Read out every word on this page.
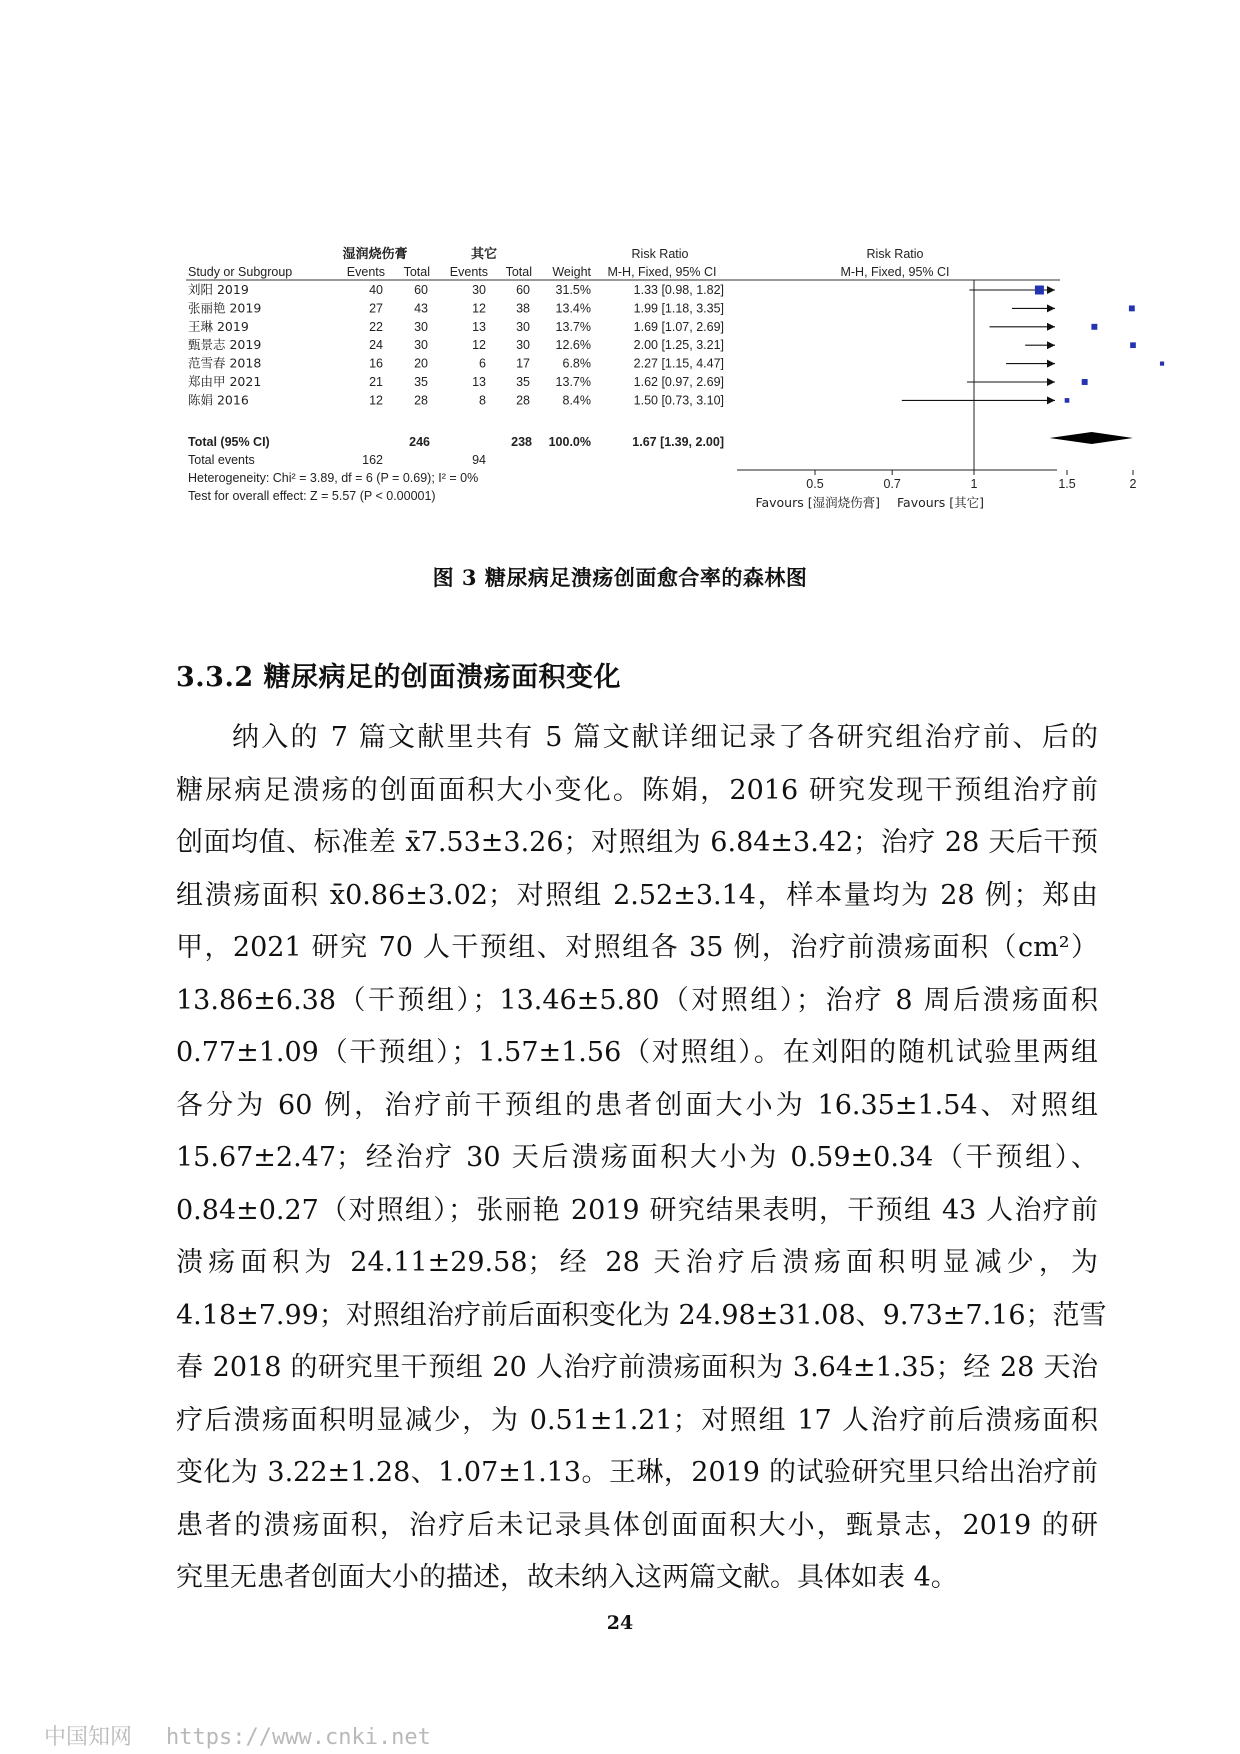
湿润烧伤膏	其它	Risk Ratio	Risk Ratio
Study or Subgroup	Events Total Events Total Weight M-H, Fixed, 95% CI	M-H, Fixed, 95% CI
刘阳 2019	40 60	30 60 31.5%	1.33 [0.98, 1.82]
张丽艳 2019	27 43	12 38 13.4%	1.99 [1.18, 3.35]
王琳 2019	22 30	13 30 13.7%	1.69 [1.07, 2.69]
甄景志 2019	24 30	12 30 12.6%	2.00 [1.25, 3.21]
范雪春 2018	16 20	6 17	6.8%	2.27 [1.15, 4.47]
郑由甲 2021	21 35	13 35 13.7%	1.62 [0.97, 2.69]
陈娟 2016	12 28	8 28	8.4%	1.50 [0.73, 3.10]
Total (95% CI)	246	238 100.0%	1.67 [1.39, 2.00]
Total events	162	94
Heterogeneity: Chi² = 3.89, df = 6 (P = 0.69); I² = 0%
Test for overall effect: Z = 5.57 (P < 0.00001)
0.5	0.7	1	1.5	2
Favours [湿润烧伤膏] Favours [其它]
图 3 糖尿病足溃疡创面愈合率的森林图
3.3.2 糖尿病足的创面溃疡面积变化
纳入的 7 篇文献里共有 5 篇文献详细记录了各研究组治疗前、后的
糖尿病足溃疡的创面面积大小变化。陈娟，2016 研究发现干预组治疗前
创面均值、标准差 x̄7.53±3.26；对照组为 6.84±3.42；治疗 28 天后干预
组溃疡面积 x̄0.86±3.02；对照组 2.52±3.14，样本量均为 28 例；郑由
甲，2021 研究 70 人干预组、对照组各 35 例，治疗前溃疡面积（cm²）
13.86±6.38（干预组）；13.46±5.80（对照组）；治疗 8 周后溃疡面积
0.77±1.09（干预组）；1.57±1.56（对照组）。在刘阳的随机试验里两组
各分为 60 例，治疗前干预组的患者创面大小为 16.35±1.54、对照组
15.67±2.47；经治疗 30 天后溃疡面积大小为 0.59±0.34（干预组）、
0.84±0.27（对照组）；张丽艳 2019 研究结果表明，干预组 43 人治疗前
溃疡面积为 24.11±29.58；经 28 天治疗后溃疡面积明显减少，为
4.18±7.99；对照组治疗前后面积变化为 24.98±31.08、9.73±7.16；范雪
春 2018 的研究里干预组 20 人治疗前溃疡面积为 3.64±1.35；经 28 天治
疗后溃疡面积明显减少，为 0.51±1.21；对照组 17 人治疗前后溃疡面积
变化为 3.22±1.28、1.07±1.13。王琳，2019 的试验研究里只给出治疗前
患者的溃疡面积，治疗后未记录具体创面面积大小，甄景志，2019 的研
究里无患者创面大小的描述，故未纳入这两篇文献。具体如表 4。
24
中国知网 https://www.cnki.net
